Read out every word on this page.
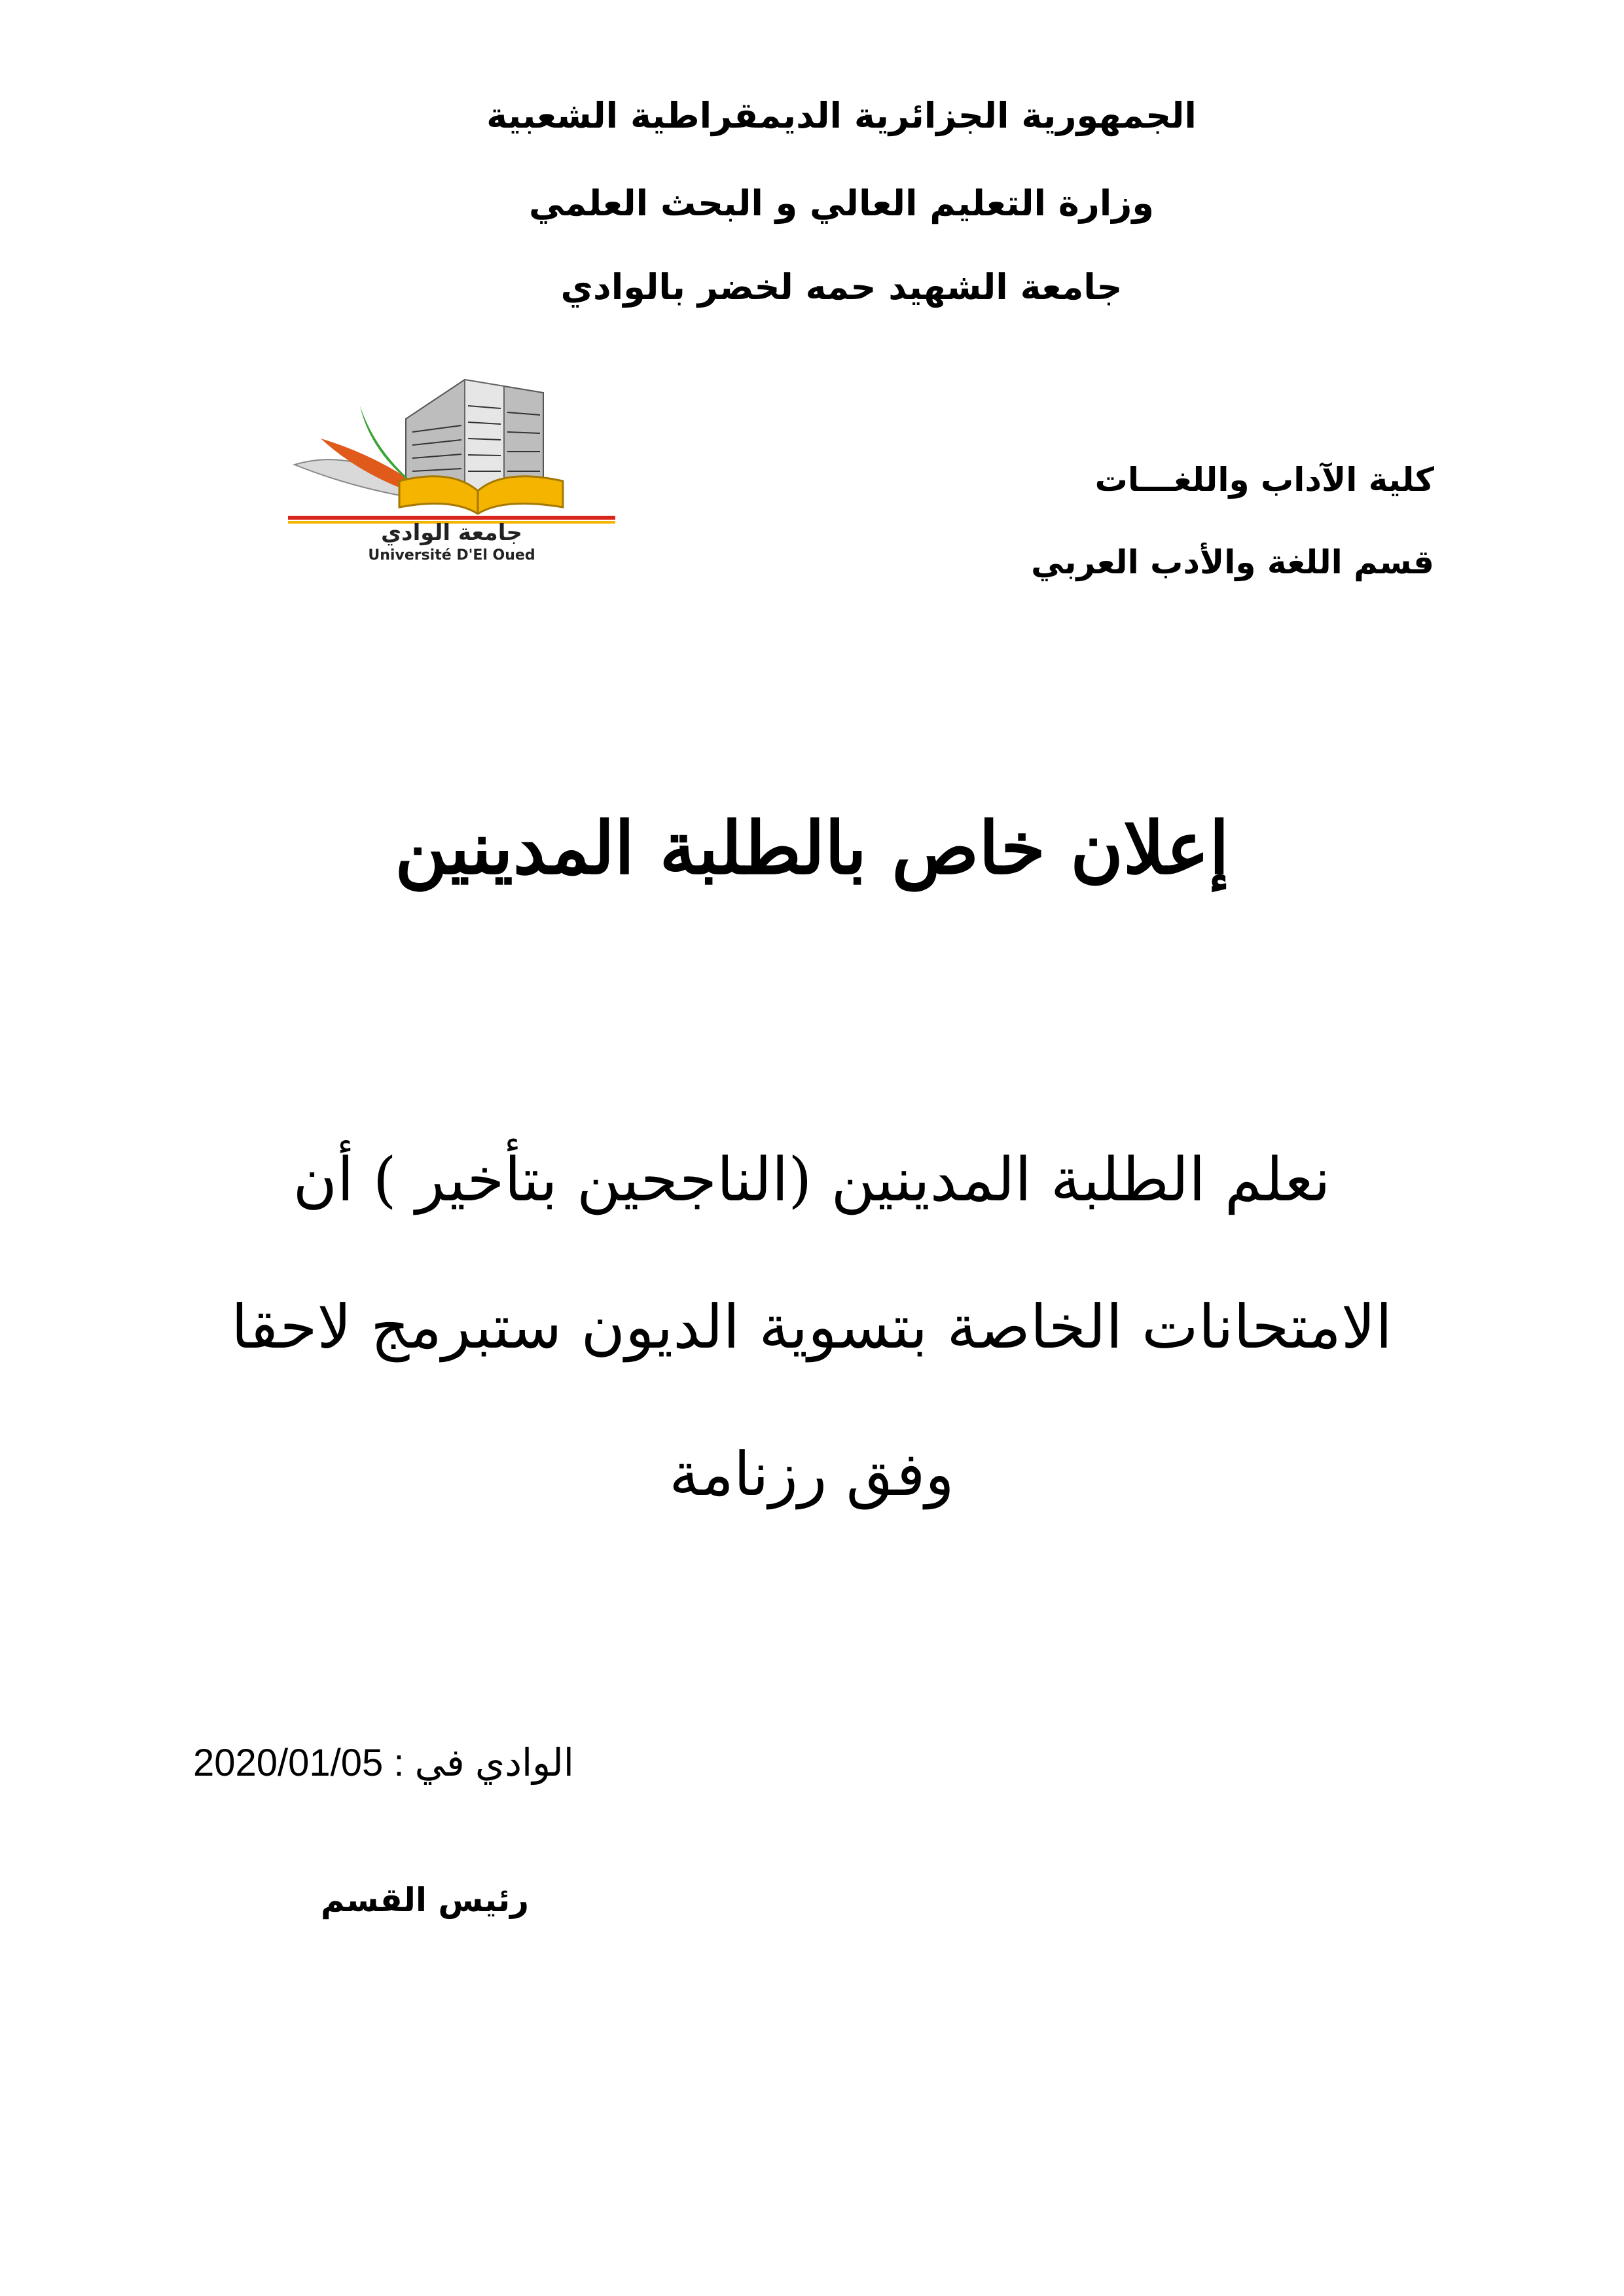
الجمهورية الجزائرية الديمقراطية الشعبية
وزارة التعليم العالي و البحث العلمي
جامعة الشهيد حمه لخضر بالوادي
كلية الآداب واللغـــات
قسم اللغة والأدب العربي
جامعة الوادي
Université D'El Oued
إعلان خاص بالطلبة المدينين
نعلم الطلبة المدينين (الناجحين بتأخير ) أن
الامتحانات الخاصة بتسوية الديون ستبرمج لاحقا
وفق رزنامة
2020/01/05 الوادي في :
رئيس القسم
